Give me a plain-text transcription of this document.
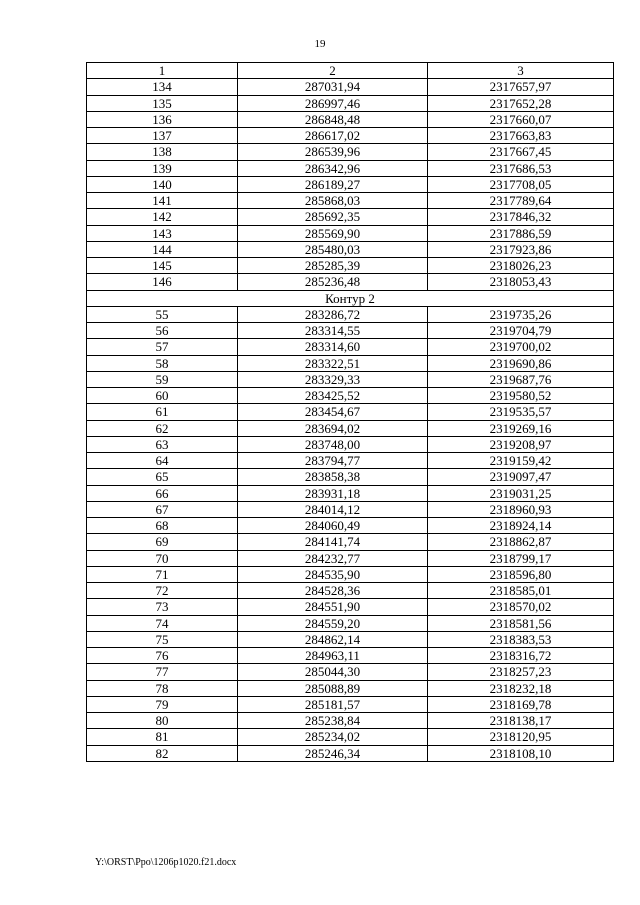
19
1	2	3
134	287031,94	2317657,97
135	286997,46	2317652,28
136	286848,48	2317660,07
137	286617,02	2317663,83
138	286539,96	2317667,45
139	286342,96	2317686,53
140	286189,27	2317708,05
141	285868,03	2317789,64
142	285692,35	2317846,32
143	285569,90	2317886,59
144	285480,03	2317923,86
145	285285,39	2318026,23
146	285236,48	2318053,43
Контур 2		
55	283286,72	2319735,26
56	283314,55	2319704,79
57	283314,60	2319700,02
58	283322,51	2319690,86
59	283329,33	2319687,76
60	283425,52	2319580,52
61	283454,67	2319535,57
62	283694,02	2319269,16
63	283748,00	2319208,97
64	283794,77	2319159,42
65	283858,38	2319097,47
66	283931,18	2319031,25
67	284014,12	2318960,93
68	284060,49	2318924,14
69	284141,74	2318862,87
70	284232,77	2318799,17
71	284535,90	2318596,80
72	284528,36	2318585,01
73	284551,90	2318570,02
74	284559,20	2318581,56
75	284862,14	2318383,53
76	284963,11	2318316,72
77	285044,30	2318257,23
78	285088,89	2318232,18
79	285181,57	2318169,78
80	285238,84	2318138,17
81	285234,02	2318120,95
82	285246,34	2318108,10
Y:\ORST\Ppo\1206p1020.f21.docx
